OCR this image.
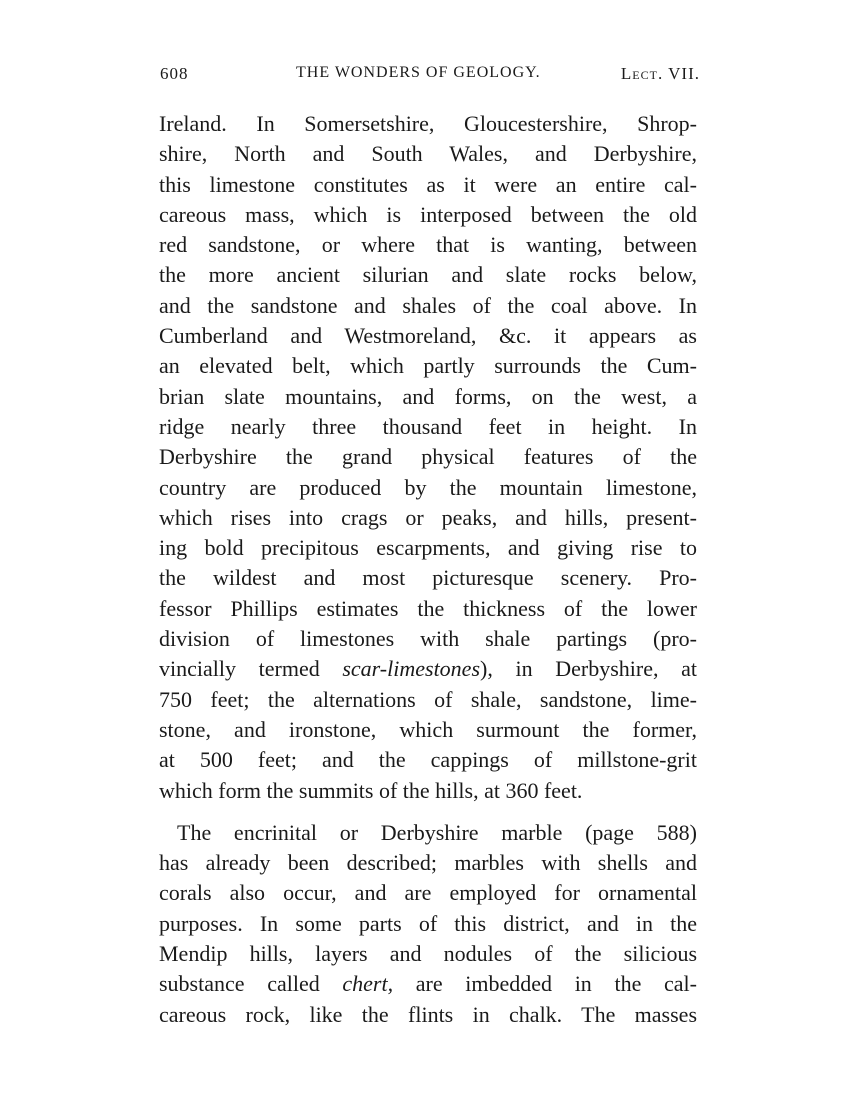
608	THE WONDERS OF GEOLOGY.	Lect. VII.
Ireland. In Somersetshire, Gloucestershire, Shrop-
shire, North and South Wales, and Derbyshire,
this limestone constitutes as it were an entire cal-
careous mass, which is interposed between the old
red sandstone, or where that is wanting, between
the more ancient silurian and slate rocks below,
and the sandstone and shales of the coal above. In
Cumberland and Westmoreland, &c. it appears as
an elevated belt, which partly surrounds the Cum-
brian slate mountains, and forms, on the west, a
ridge nearly three thousand feet in height. In
Derbyshire the grand physical features of the
country are produced by the mountain limestone,
which rises into crags or peaks, and hills, present-
ing bold precipitous escarpments, and giving rise to
the wildest and most picturesque scenery. Pro-
fessor Phillips estimates the thickness of the lower
division of limestones with shale partings (pro-
vincially termed scar-limestones), in Derbyshire, at
750 feet; the alternations of shale, sandstone, lime-
stone, and ironstone, which surmount the former,
at 500 feet; and the cappings of millstone-grit
which form the summits of the hills, at 360 feet.
The encrinital or Derbyshire marble (page 588)
has already been described; marbles with shells and
corals also occur, and are employed for ornamental
purposes. In some parts of this district, and in the
Mendip hills, layers and nodules of the silicious
substance called chert, are imbedded in the cal-
careous rock, like the flints in chalk. The masses
